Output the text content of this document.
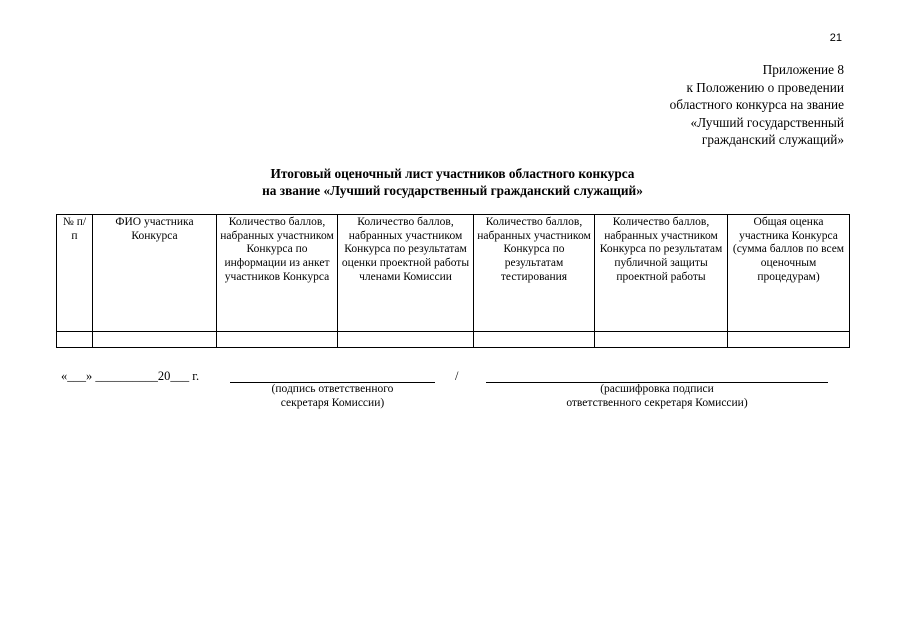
21
Приложение 8
к Положению о проведении
областного конкурса на звание
«Лучший государственный
гражданский служащий»
Итоговый оценочный лист участников областного конкурса
на звание «Лучший государственный гражданский служащий»
№ п/п	ФИО участника Конкурса	Количество баллов, набранных участником Конкурса по информации из анкет участников Конкурса	Количество баллов, набранных участником Конкурса по результатам оценки проектной работы членами Комиссии	Количество баллов, набранных участником Конкурса по результатам тестирования	Количество баллов, набранных участником Конкурса по результатам публичной защиты проектной работы	Общая оценка участника Конкурса (сумма баллов по всем оценочным процедурам)

«___» __________20___ г.	/
(подпись ответственного
секретаря Комиссии)
(расшифровка подписи
ответственного секретаря Комиссии)
